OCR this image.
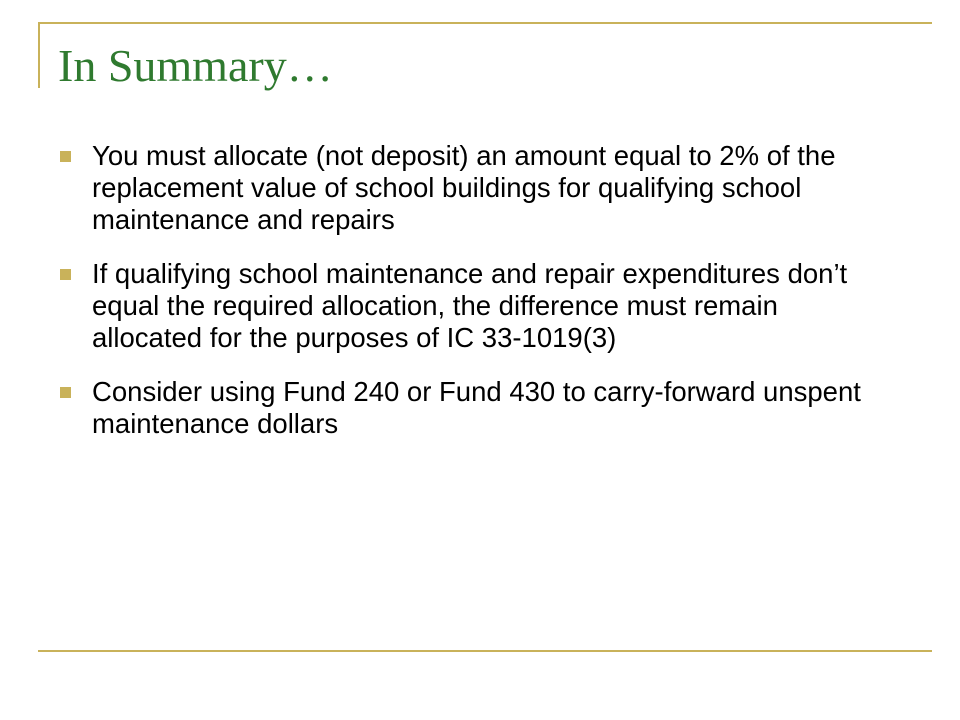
In Summary…
You must allocate (not deposit) an amount equal to 2% of the replacement value of school buildings for qualifying school maintenance and repairs
If qualifying school maintenance and repair expenditures don’t equal the required allocation, the difference must remain allocated for the purposes of IC 33-1019(3)
Consider using Fund 240 or Fund 430 to carry-forward unspent maintenance dollars
